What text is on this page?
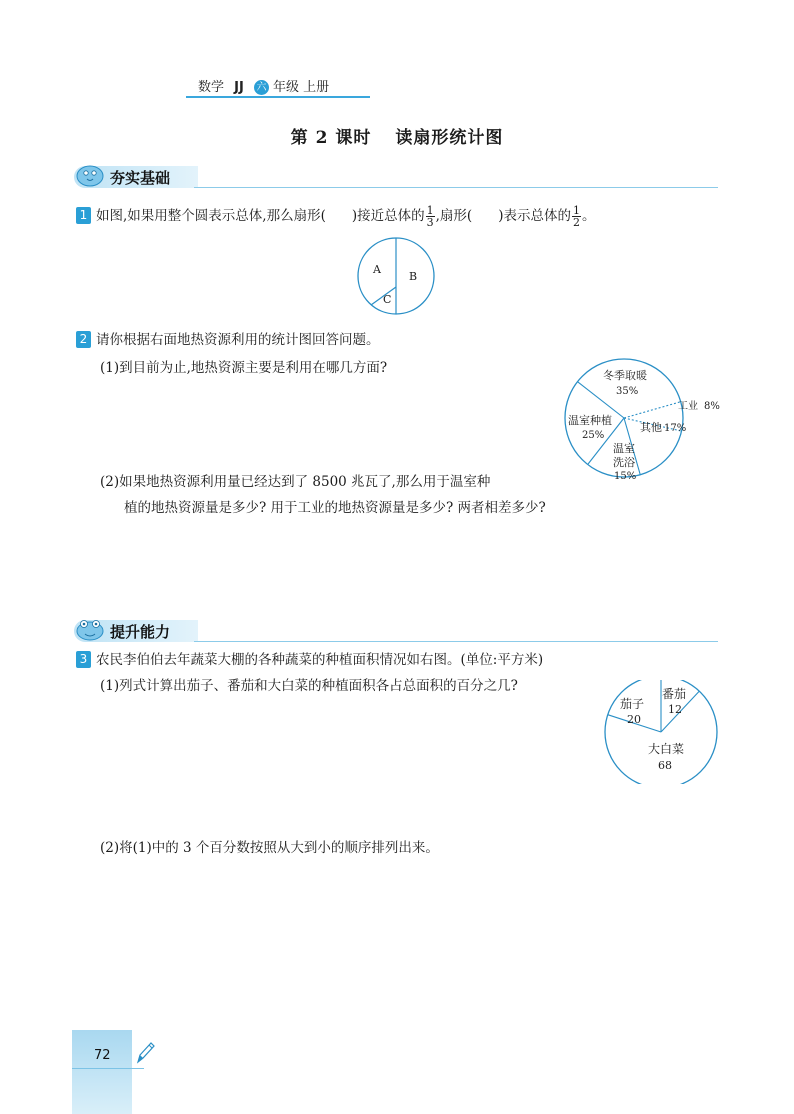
数学 JJ 六 年级 上册
第 2 课时 读扇形统计图
夯实基础
1 如图,如果用整个圆表示总体,那么扇形( )接近总体的 $\frac{1}{3}$ ,扇形( )表示总体的 $\frac{1}{2}$ 。
A
B
C
2 请你根据右面地热资源利用的统计图回答问题。
(1)到目前为止,地热资源主要是利用在哪几方面?
(2)如果地热资源利用量已经达到了 8500 兆瓦了,那么用于温室种
植的地热资源量是多少? 用于工业的地热资源量是多少? 两者相差多少?
冬季取暖
35%
工业 8%
其他 17%
温室
洗浴
15%
温室种植
25%
提升能力
3 农民李伯伯去年蔬菜大棚的各种蔬菜的种植面积情况如右图。(单位:平方米)
(1)列式计算出茄子、番茄和大白菜的种植面积各占总面积的百分之几?
(2)将(1)中的 3 个百分数按照从大到小的顺序排列出来。
茄子
20
番茄
12
大白菜
68
72
